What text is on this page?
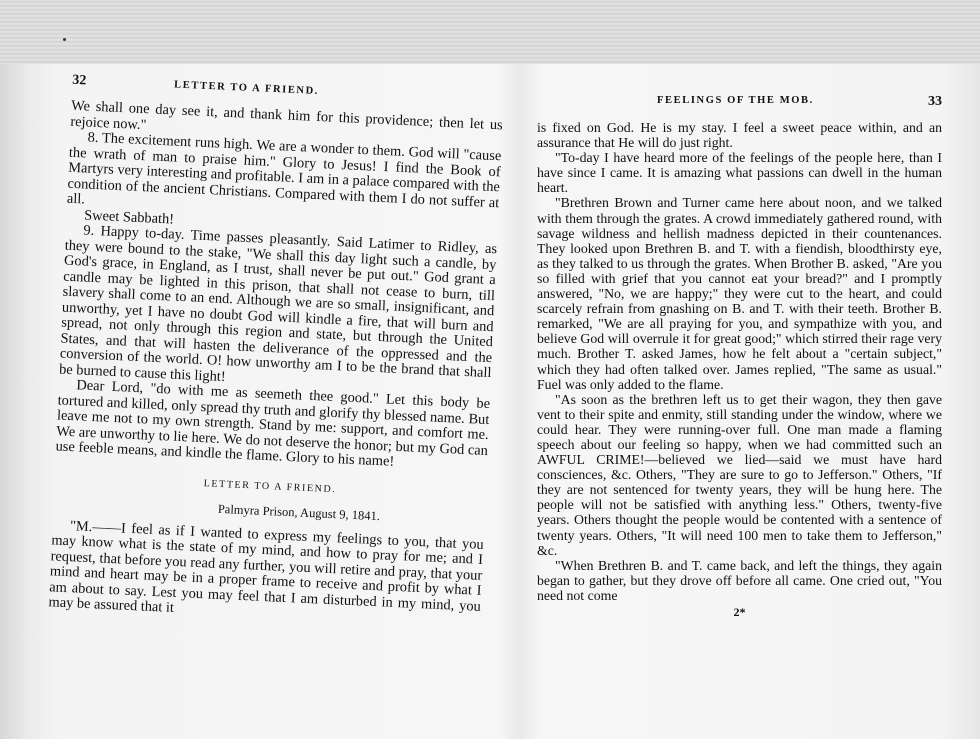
32	LETTER TO A FRIEND.

We shall one day see it, and thank him for this providence; then let us rejoice now."

8. The excitement runs high. We are a wonder to them. God will "cause the wrath of man to praise him." Glory to Jesus! I find the Book of Martyrs very interesting and profitable. I am in a palace compared with the condition of the ancient Christians. Compared with them I do not suffer at all.

Sweet Sabbath!

9. Happy to-day. Time passes pleasantly. Said Latimer to Ridley, as they were bound to the stake, "We shall this day light such a candle, by God's grace, in England, as I trust, shall never be put out." God grant a candle may be lighted in this prison, that shall not cease to burn, till slavery shall come to an end. Although we are so small, insignificant, and unworthy, yet I have no doubt God will kindle a fire, that will burn and spread, not only through this region and state, but through the United States, and that will hasten the deliverance of the oppressed and the conversion of the world. O! how unworthy am I to be the brand that shall be burned to cause this light!

Dear Lord, "do with me as seemeth thee good." Let this body be tortured and killed, only spread thy truth and glorify thy blessed name. But leave me not to my own strength. Stand by me: support, and comfort me. We are unworthy to lie here. We do not deserve the honor; but my God can use feeble means, and kindle the flame. Glory to his name!

LETTER TO A FRIEND.
Palmyra Prison, August 9, 1841.

"M.——I feel as if I wanted to express my feelings to you, that you may know what is the state of my mind, and how to pray for me; and I request, that before you read any further, you will retire and pray, that your mind and heart may be in a proper frame to receive and profit by what I am about to say. Lest you may feel that I am disturbed in my mind, you may be assured that it

33
FEELINGS OF THE MOB.

is fixed on God. He is my stay. I feel a sweet peace within, and an assurance that He will do just right.

"To-day I have heard more of the feelings of the people here, than I have since I came. It is amazing what passions can dwell in the human heart.

"Brethren Brown and Turner came here about noon, and we talked with them through the grates. A crowd immediately gathered round, with savage wildness and hellish madness depicted in their countenances. They looked upon Brethren B. and T. with a fiendish, bloodthirsty eye, as they talked to us through the grates. When Brother B. asked, "Are you so filled with grief that you cannot eat your bread?" and I promptly answered, "No, we are happy;" they were cut to the heart, and could scarcely refrain from gnashing on B. and T. with their teeth. Brother B. remarked, "We are all praying for you, and sympathize with you, and believe God will overrule it for great good;" which stirred their rage very much. Brother T. asked James, how he felt about a "certain subject," which they had often talked over. James replied, "The same as usual." Fuel was only added to the flame.

"As soon as the brethren left us to get their wagon, they then gave vent to their spite and enmity, still standing under the window, where we could hear. They were running-over full. One man made a flaming speech about our feeling so happy, when we had committed such an AWFUL CRIME!—believed we lied—said we must have hard consciences, &c. Others, "They are sure to go to Jefferson." Others, "If they are not sentenced for twenty years, they will be hung here. The people will not be satisfied with anything less." Others, twenty-five years. Others thought the people would be contented with a sentence of twenty years. Others, "It will need 100 men to take them to Jefferson," &c.

"When Brethren B. and T. came back, and left the things, they again began to gather, but they drove off before all came. One cried out, "You need not come

2*
